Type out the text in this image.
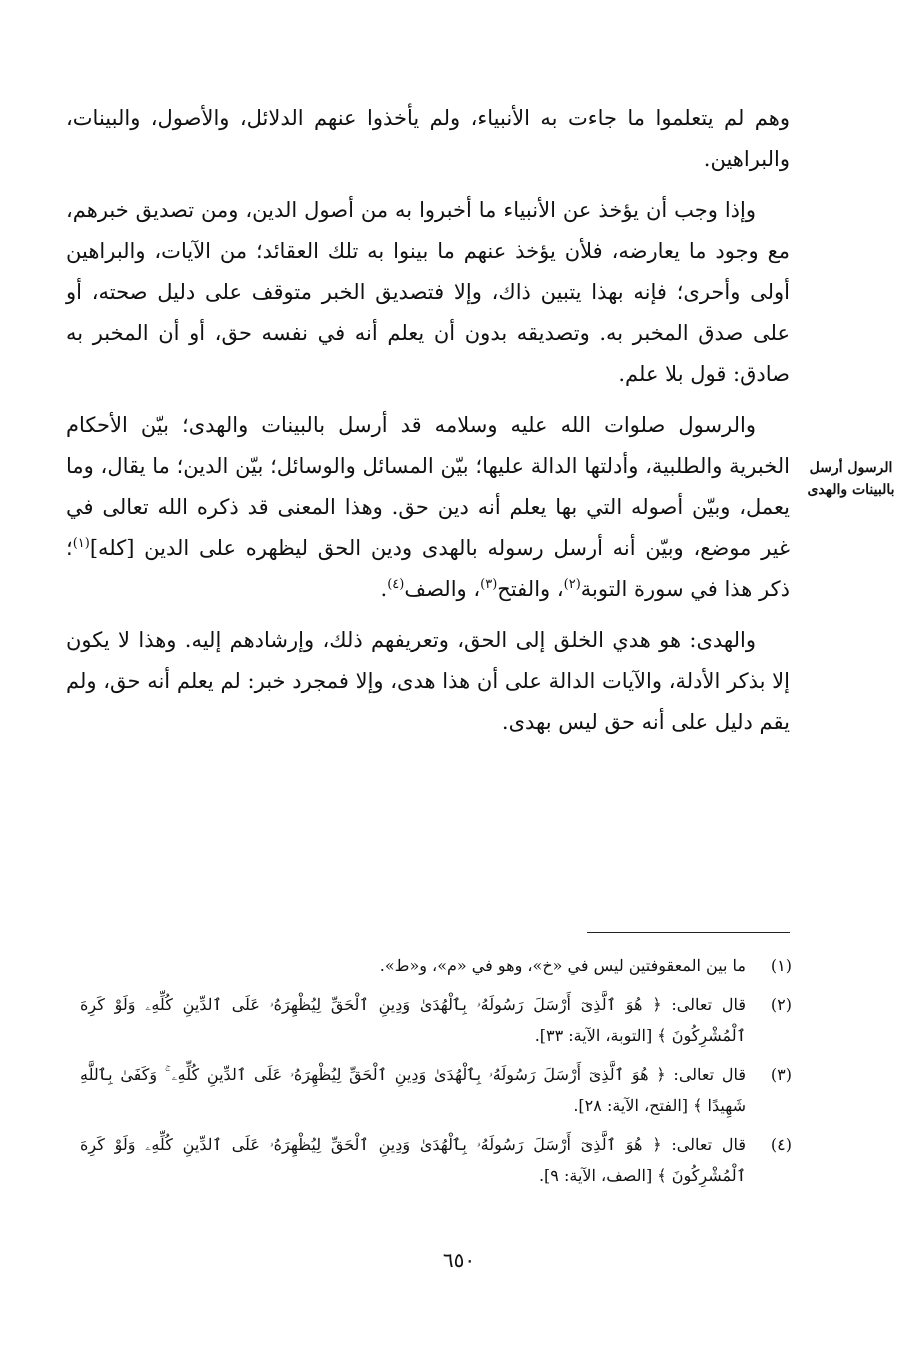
وهم لم يتعلموا ما جاءت به الأنبياء، ولم يأخذوا عنهم الدلائل، والأصول، والبينات، والبراهين.

وإذا وجب أن يؤخذ عن الأنبياء ما أخبروا به من أصول الدين، ومن تصديق خبرهم، مع وجود ما يعارضه، فلأن يؤخذ عنهم ما بينوا به تلك العقائد؛ من الآيات، والبراهين أولى وأحرى؛ فإنه بهذا يتبين ذاك، وإلا فتصديق الخبر متوقف على دليل صحته، أو على صدق المخبر به. وتصديقه بدون أن يعلم أنه في نفسه حق، أو أن المخبر به صادق: قول بلا علم.

والرسول صلوات الله عليه وسلامه قد أرسل بالبينات والهدى؛ بيّن الأحكام الخبرية والطلبية، وأدلتها الدالة عليها؛ بيّن المسائل والوسائل؛ بيّن الدين؛ ما يقال، وما يعمل، وبيّن أصوله التي بها يعلم أنه دين حق. وهذا المعنى قد ذكره الله تعالى في غير موضع، وبيّن أنه أرسل رسوله بالهدى ودين الحق ليظهره على الدين [كله]$^{(١)}$؛ ذكر هذا في سورة التوبة$^{(٢)}$، والفتح$^{(٣)}$، والصف$^{(٤)}$.

والهدى: هو هدي الخلق إلى الحق، وتعريفهم ذلك، وإرشادهم إليه. وهذا لا يكون إلا بذكر الأدلة، والآيات الدالة على أن هذا هدى، وإلا فمجرد خبر: لم يعلم أنه حق، ولم يقم دليل على أنه حق ليس بهدى.

الرسول أرسل
بالبينات والهدى
(١)
ما بين المعقوفتين ليس في «خ»، وهو في «م»، و«ط».
(٢)
قال تعالى: ﴿ هُوَ ٱلَّذِىٓ أَرْسَلَ رَسُولَهُۥ بِٱلْهُدَىٰ وَدِينِ ٱلْحَقِّ لِيُظْهِرَهُۥ عَلَى ٱلدِّينِ كُلِّهِۦ وَلَوْ كَرِهَ ٱلْمُشْرِكُونَ ﴾ [التوبة، الآية: ٣٣].
(٣)
قال تعالى: ﴿ هُوَ ٱلَّذِىٓ أَرْسَلَ رَسُولَهُۥ بِٱلْهُدَىٰ وَدِينِ ٱلْحَقِّ لِيُظْهِرَهُۥ عَلَى ٱلدِّينِ كُلِّهِۦ ۚ وَكَفَىٰ بِٱللَّهِ شَهِيدًا ﴾ [الفتح، الآية: ٢٨].
(٤)
قال تعالى: ﴿ هُوَ ٱلَّذِىٓ أَرْسَلَ رَسُولَهُۥ بِٱلْهُدَىٰ وَدِينِ ٱلْحَقِّ لِيُظْهِرَهُۥ عَلَى ٱلدِّينِ كُلِّهِۦ وَلَوْ كَرِهَ ٱلْمُشْرِكُونَ ﴾ [الصف، الآية: ٩].
٦٥٠
